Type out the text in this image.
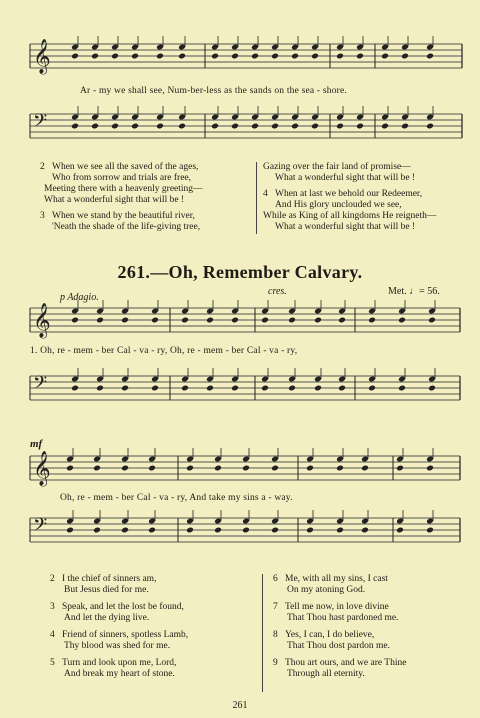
𝄞
Ar - my we shall see, Num-ber-less as the sands on the sea - shore.
𝄢
2 When we see all the saved of the ages,
Who from sorrow and trials are free,
Meeting there with a heavenly greeting—
What a wonderful sight that will be !
3 When we stand by the beautiful river,
'Neath the shade of the life-giving tree,
Gazing over the fair land of promise—
What a wonderful sight that will be !
4 When at last we behold our Redeemer,
And His glory unclouded we see,
While as King of all kingdoms He reigneth—
What a wonderful sight that will be !
261.—Oh, Remember Calvary.
p Adagio.
cres.	Met. ♩= 56.
𝄞
1. Oh, re - mem - ber Cal - va - ry, Oh, re - mem - ber Cal - va - ry,
𝄢
mf
𝄞
Oh, re - mem - ber Cal - va - ry, And take my sins a - way.
𝄢
2 I the chief of sinners am,
But Jesus died for me.
3 Speak, and let the lost be found,
And let the dying live.
4 Friend of sinners, spotless Lamb,
Thy blood was shed for me.
5 Turn and look upon me, Lord,
And break my heart of stone.
6 Me, with all my sins, I cast
On my atoning God.
7 Tell me now, in love divine
That Thou hast pardoned me.
8 Yes, I can, I do believe,
That Thou dost pardon me.
9 Thou art ours, and we are Thine
Through all eternity.
261
